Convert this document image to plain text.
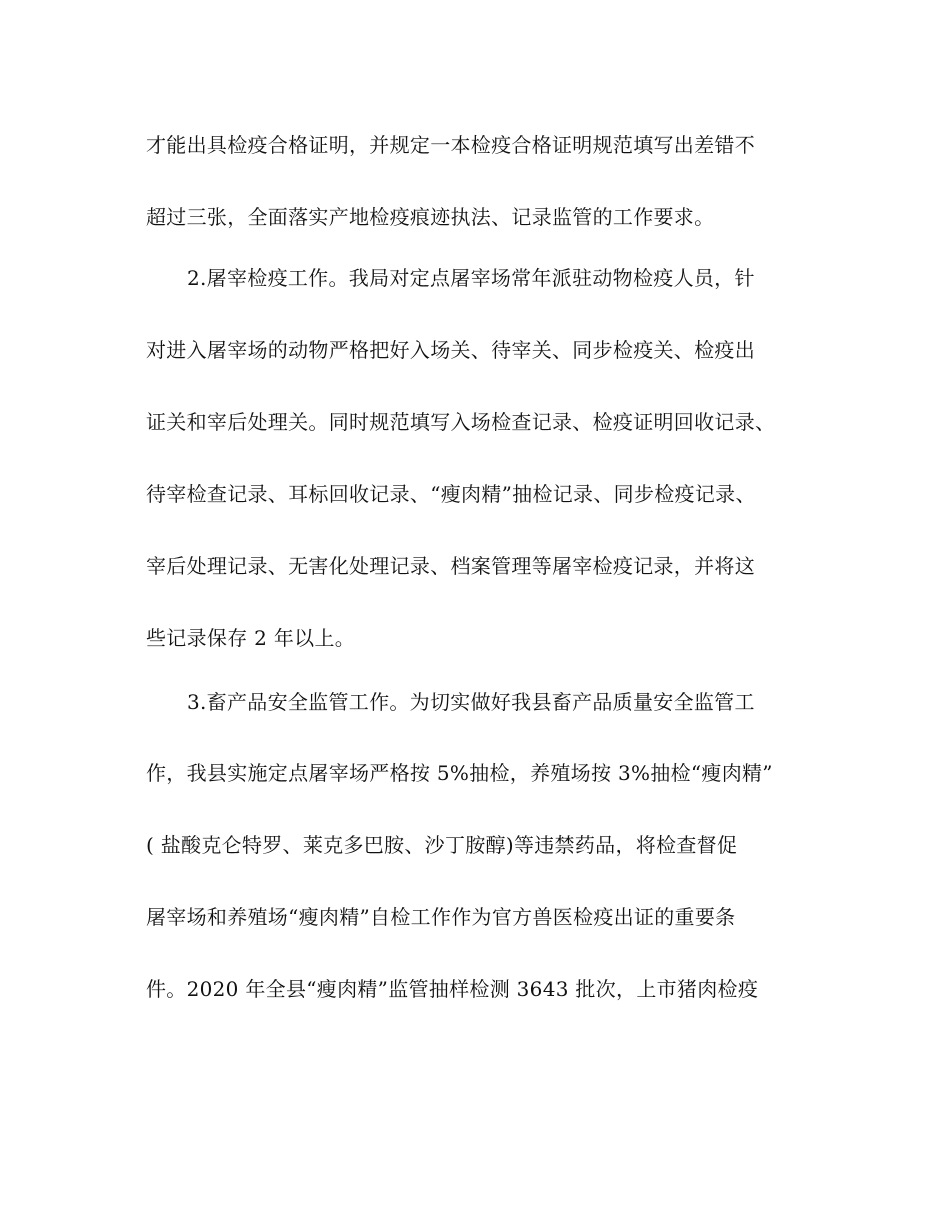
才能出具检疫合格证明，并规定一本检疫合格证明规范填写出差错不
超过三张，全面落实产地检疫痕迹执法、记录监管的工作要求。
2.屠宰检疫工作。我局对定点屠宰场常年派驻动物检疫人员，针
对进入屠宰场的动物严格把好入场关、待宰关、同步检疫关、检疫出
证关和宰后处理关。同时规范填写入场检查记录、检疫证明回收记录、
待宰检查记录、耳标回收记录、“瘦肉精”抽检记录、同步检疫记录、
宰后处理记录、无害化处理记录、档案管理等屠宰检疫记录，并将这
些记录保存 2 年以上。
3.畜产品安全监管工作。为切实做好我县畜产品质量安全监管工
作，我县实施定点屠宰场严格按 5%抽检，养殖场按 3%抽检“瘦肉精”
( 盐酸克仑特罗、莱克多巴胺、沙丁胺醇)等违禁药品，将检查督促
屠宰场和养殖场“瘦肉精”自检工作作为官方兽医检疫出证的重要条
件。2020 年全县“瘦肉精”监管抽样检测 3643 批次，上市猪肉检疫
